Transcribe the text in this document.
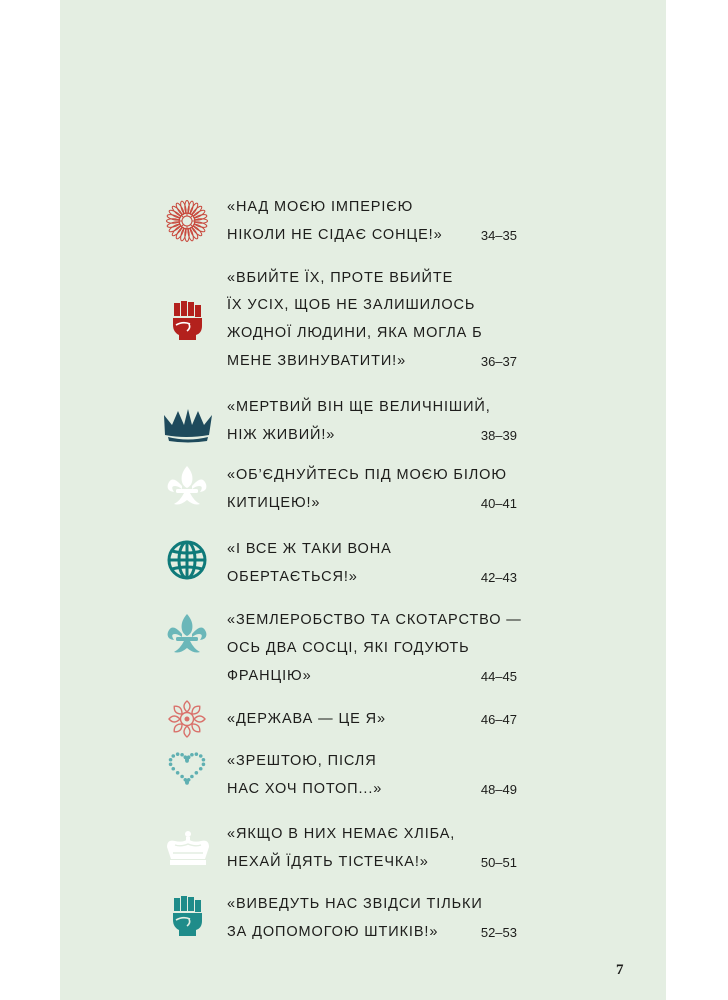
«НАД МОЄЮ ІМПЕРІЄЮ
НІКОЛИ НЕ СІДАЄ СОНЦЕ!»	34–35
«ВБИЙТЕ ЇХ, ПРОТЕ ВБИЙТЕ
ЇХ УСІХ, ЩОБ НЕ ЗАЛИШИЛОСЬ
ЖОДНОЇ ЛЮДИНИ, ЯКА МОГЛА Б
МЕНЕ ЗВИНУВАТИТИ!»	36–37
«МЕРТВИЙ ВІН ЩЕ ВЕЛИЧНІШИЙ,
НІЖ ЖИВИЙ!»	38–39
«ОБ’ЄДНУЙТЕСЬ ПІД МОЄЮ БІЛОЮ
КИТИЦЕЮ!»	40–41
«І ВСЕ Ж ТАКИ ВОНА
ОБЕРТАЄТЬСЯ!»	42–43
«ЗЕМЛЕРОБСТВО ТА СКОТАРСТВО —
ОСЬ ДВА СОСЦІ, ЯКІ ГОДУЮТЬ
ФРАНЦІЮ»	44–45
«ДЕРЖАВА — ЦЕ Я»	46–47
«ЗРЕШТОЮ, ПІСЛЯ
НАС ХОЧ ПОТОП...»	48–49
«ЯКЩО В НИХ НЕМАЄ ХЛІБА,
НЕХАЙ ЇДЯТЬ ТІСТЕЧКА!»	50–51
«ВИВЕДУТЬ НАС ЗВІДСИ ТІЛЬКИ
ЗА ДОПОМОГОЮ ШТИКІВ!»	52–53
7
